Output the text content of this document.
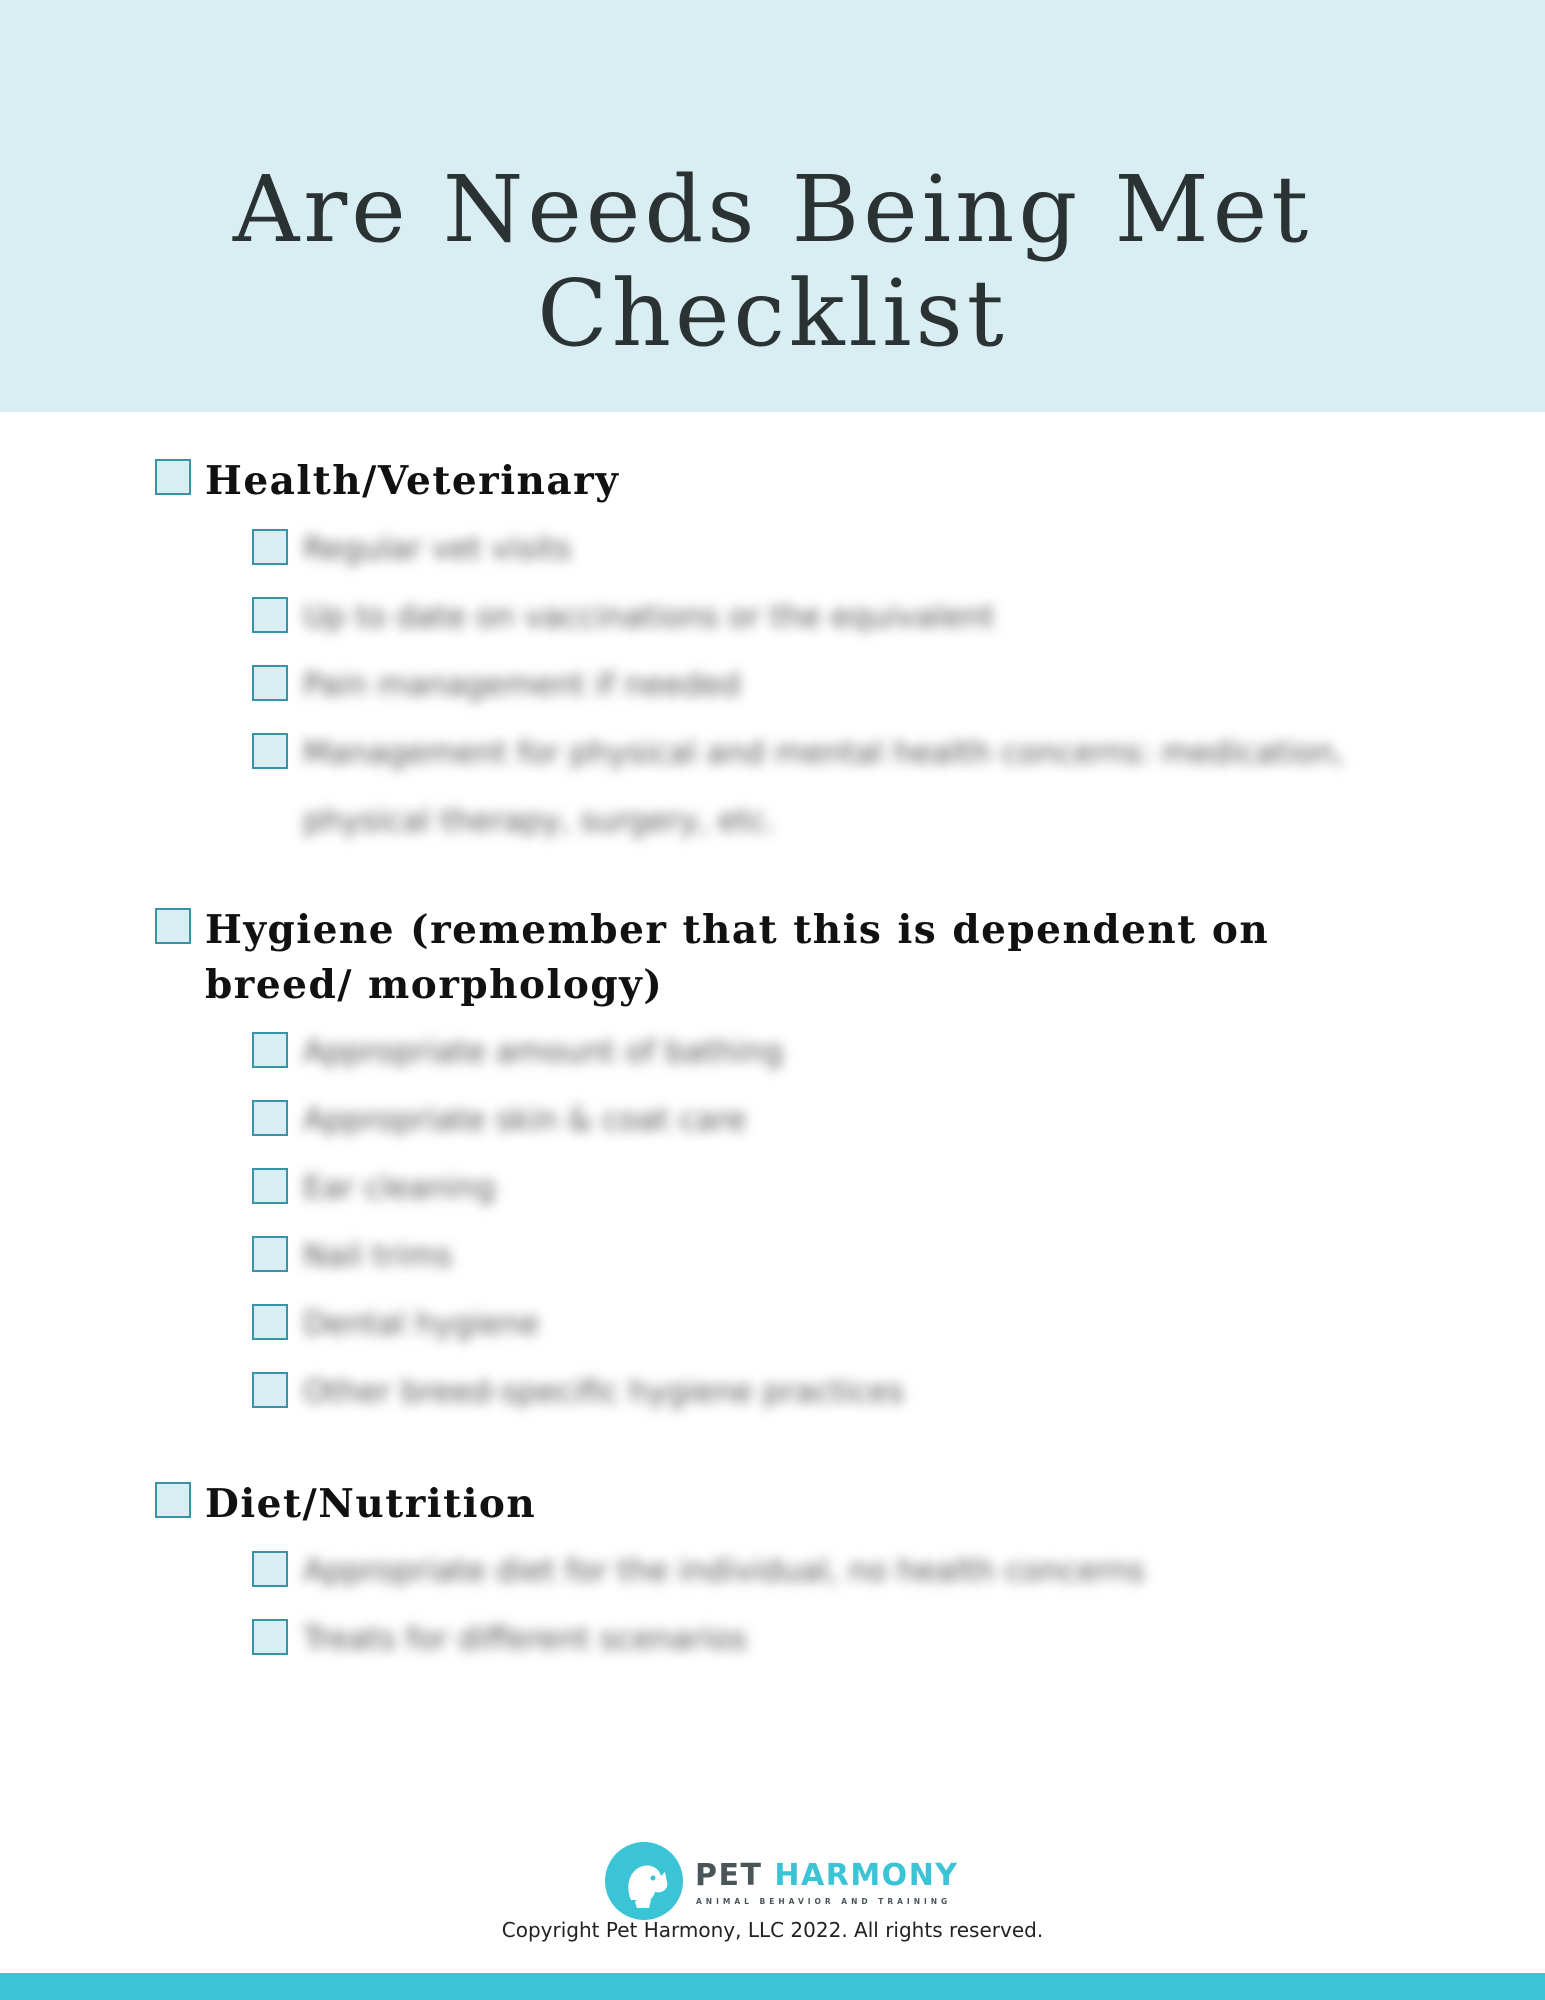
Are Needs Being Met
Checklist
Health/Veterinary
Regular vet visits
Up to date on vaccinations or the equivalent
Pain management if needed
Management for physical and mental health concerns: medication, physical therapy, surgery, etc.
Hygiene (remember that this is dependent on breed/ morphology)
Appropriate amount of bathing
Appropriate skin & coat care
Ear cleaning
Nail trims
Dental hygiene
Other breed-specific hygiene practices
Diet/Nutrition
Appropriate diet for the individual, no health concerns
Treats for different scenarios
PET HARMONY
ANIMAL BEHAVIOR AND TRAINING
Copyright Pet Harmony, LLC 2022. All rights reserved.
